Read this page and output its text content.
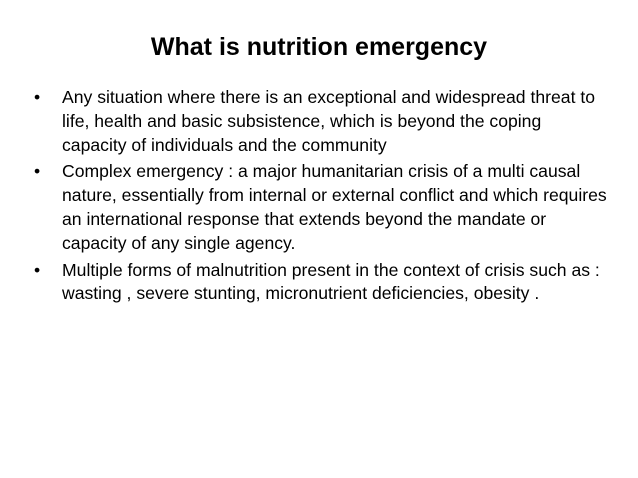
What is nutrition emergency
•	Any situation where there is an exceptional and widespread threat to life, health and basic subsistence, which is beyond the coping capacity of individuals and the community
•	Complex emergency : a major humanitarian crisis of a multi causal nature, essentially from internal or external conflict and which requires an international response that extends beyond the mandate or capacity of any single agency.
•	Multiple forms of malnutrition present in the context of crisis such as : wasting , severe stunting, micronutrient deficiencies, obesity .
